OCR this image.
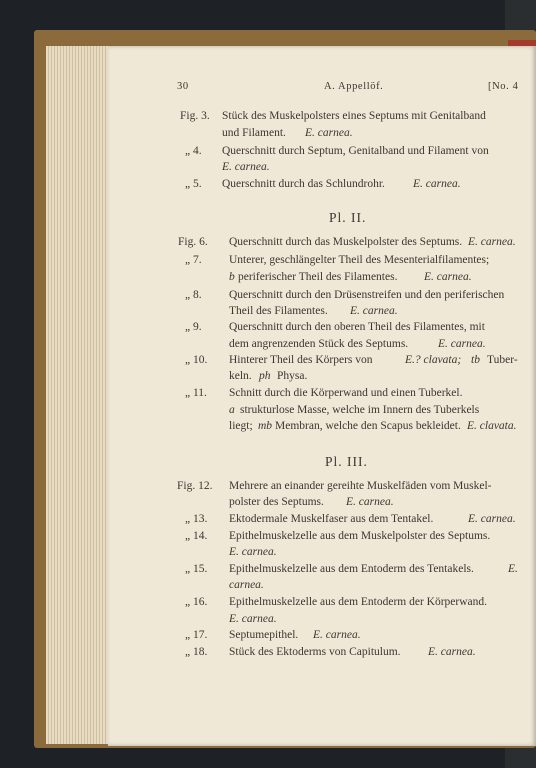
30	A. Appellöf.	[No. 4
Fig. 3. Stück des Muskelpolsters eines Septums mit Genitalband
und Filament. E. carnea.
„ 4. Querschnitt durch Septum, Genitalband und Filament von
E. carnea.
„ 5. Querschnitt durch das Schlundrohr. E. carnea.
Pl. II.
Fig. 6. Querschnitt durch das Muskelpolster des Septums. E. carnea.
„ 7. Unterer, geschlängelter Theil des Mesenterialfilamentes;
b periferischer Theil des Filamentes. E. carnea.
„ 8. Querschnitt durch den Drüsenstreifen und den periferischen
Theil des Filamentes. E. carnea.
„ 9. Querschnitt durch den oberen Theil des Filamentes, mit
dem angrenzenden Stück des Septums.	E. carnea.
„ 10. Hinterer Theil des Körpers von	E.? clavata; tb Tuber-
keln. ph Physa.
„ 11. Schnitt durch die Körperwand und einen Tuberkel.
a strukturlose Masse, welche im Innern des Tuberkels
liegt; mb Membran, welche den Scapus bekleidet. E. clavata.
Pl. III.
Fig. 12. Mehrere an einander gereihte Muskelfäden vom Muskel-
polster des Septums. E. carnea.
„ 13. Ektodermale Muskelfaser aus dem Tentakel.	E. carnea.
„ 14. Epithelmuskelzelle aus dem Muskelpolster des Septums.
E. carnea.
„ 15. Epithelmuskelzelle aus dem Entoderm des Tentakels.	E.
carnea.
„ 16. Epithelmuskelzelle aus dem Entoderm der Körperwand.
E. carnea.
„ 17. Septumepithel. E. carnea.
„ 18. Stück des Ektoderms von Capitulum. E. carnea.
